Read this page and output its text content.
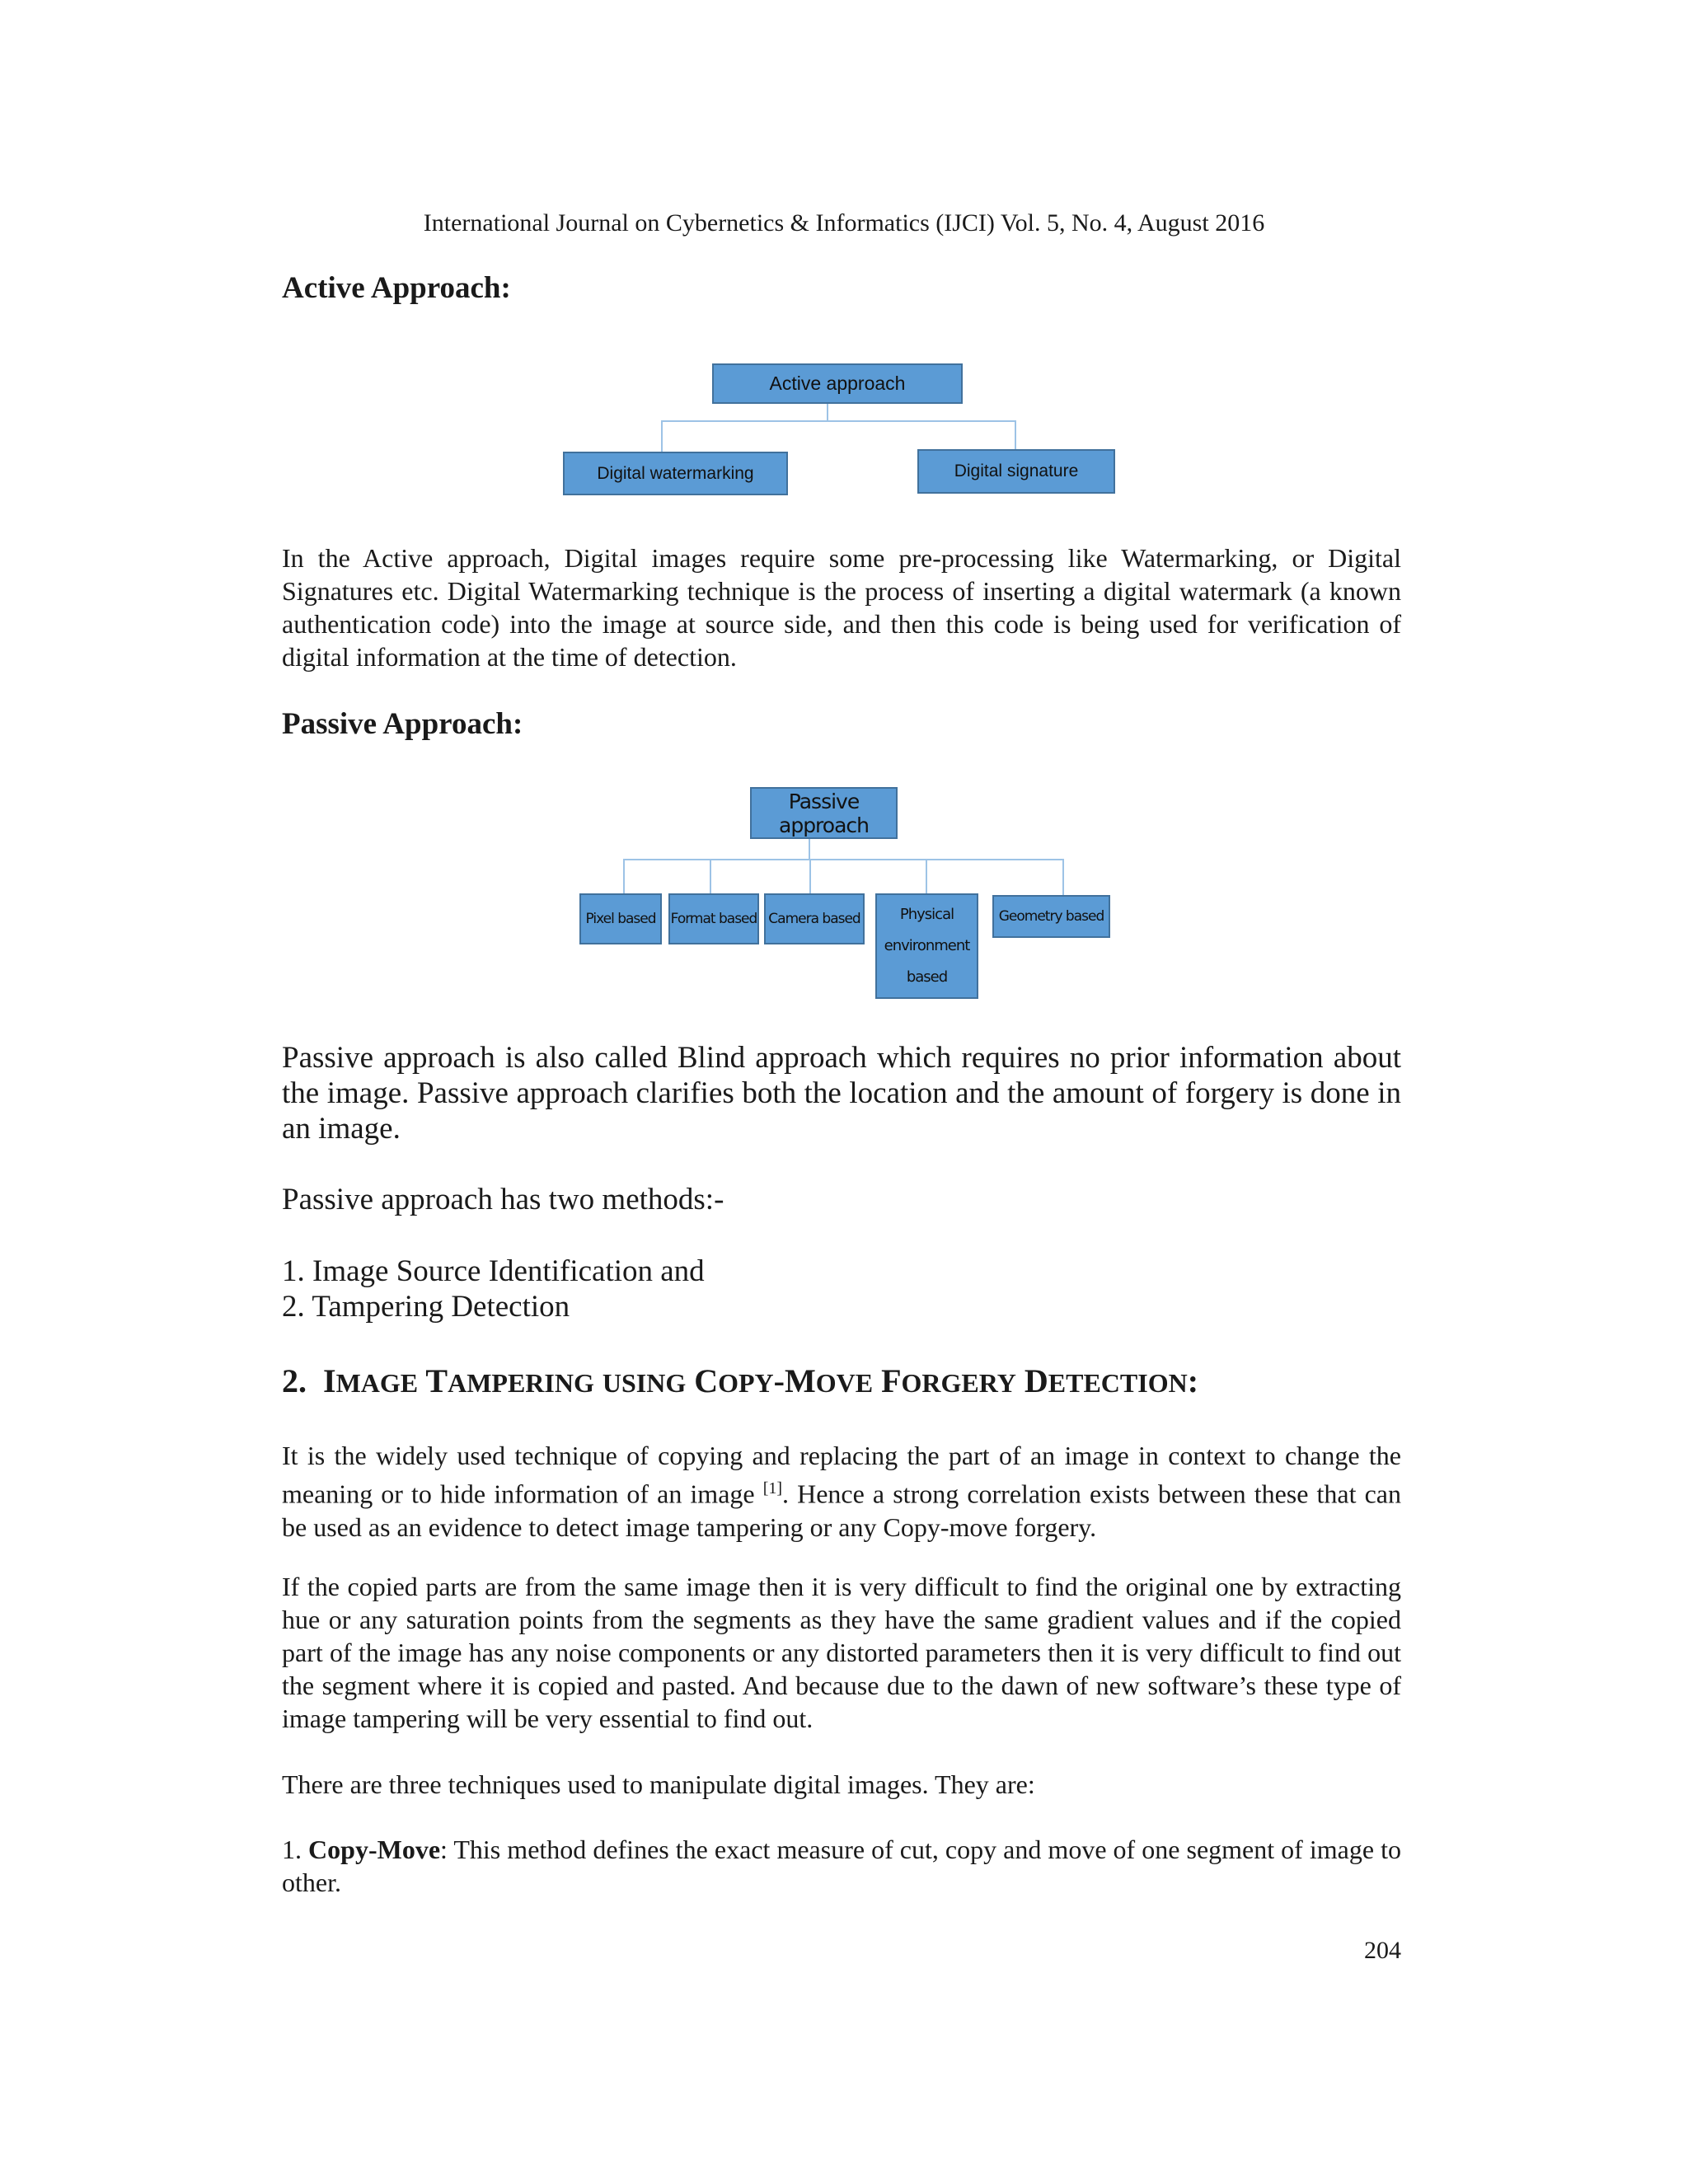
International Journal on Cybernetics & Informatics (IJCI) Vol. 5, No. 4, August 2016
Active Approach:
Active approach
Digital watermarking	Digital signature
In the Active approach, Digital images require some pre-processing like Watermarking, or Digital Signatures etc. Digital Watermarking technique is the process of inserting a digital watermark (a known authentication code) into the image at source side, and then this code is being used for verification of digital information at the time of detection.
Passive Approach:
Passive approach
Pixel based	Format based Camera based	Physical environment based
Geometry based
Passive approach is also called Blind approach which requires no prior information about the image. Passive approach clarifies both the location and the amount of forgery is done in an image.
Passive approach has two methods:-
1. Image Source Identification and
2. Tampering Detection
2. IMAGE TAMPERING USING COPY-MOVE FORGERY DETECTION:
It is the widely used technique of copying and replacing the part of an image in context to change the meaning or to hide information of an image [1]. Hence a strong correlation exists between these that can be used as an evidence to detect image tampering or any Copy-move forgery.
If the copied parts are from the same image then it is very difficult to find the original one by extracting hue or any saturation points from the segments as they have the same gradient values and if the copied part of the image has any noise components or any distorted parameters then it is very difficult to find out the segment where it is copied and pasted. And because due to the dawn of new software’s these type of image tampering will be very essential to find out.
There are three techniques used to manipulate digital images. They are:
1. Copy-Move: This method defines the exact measure of cut, copy and move of one segment of image to other.
204
